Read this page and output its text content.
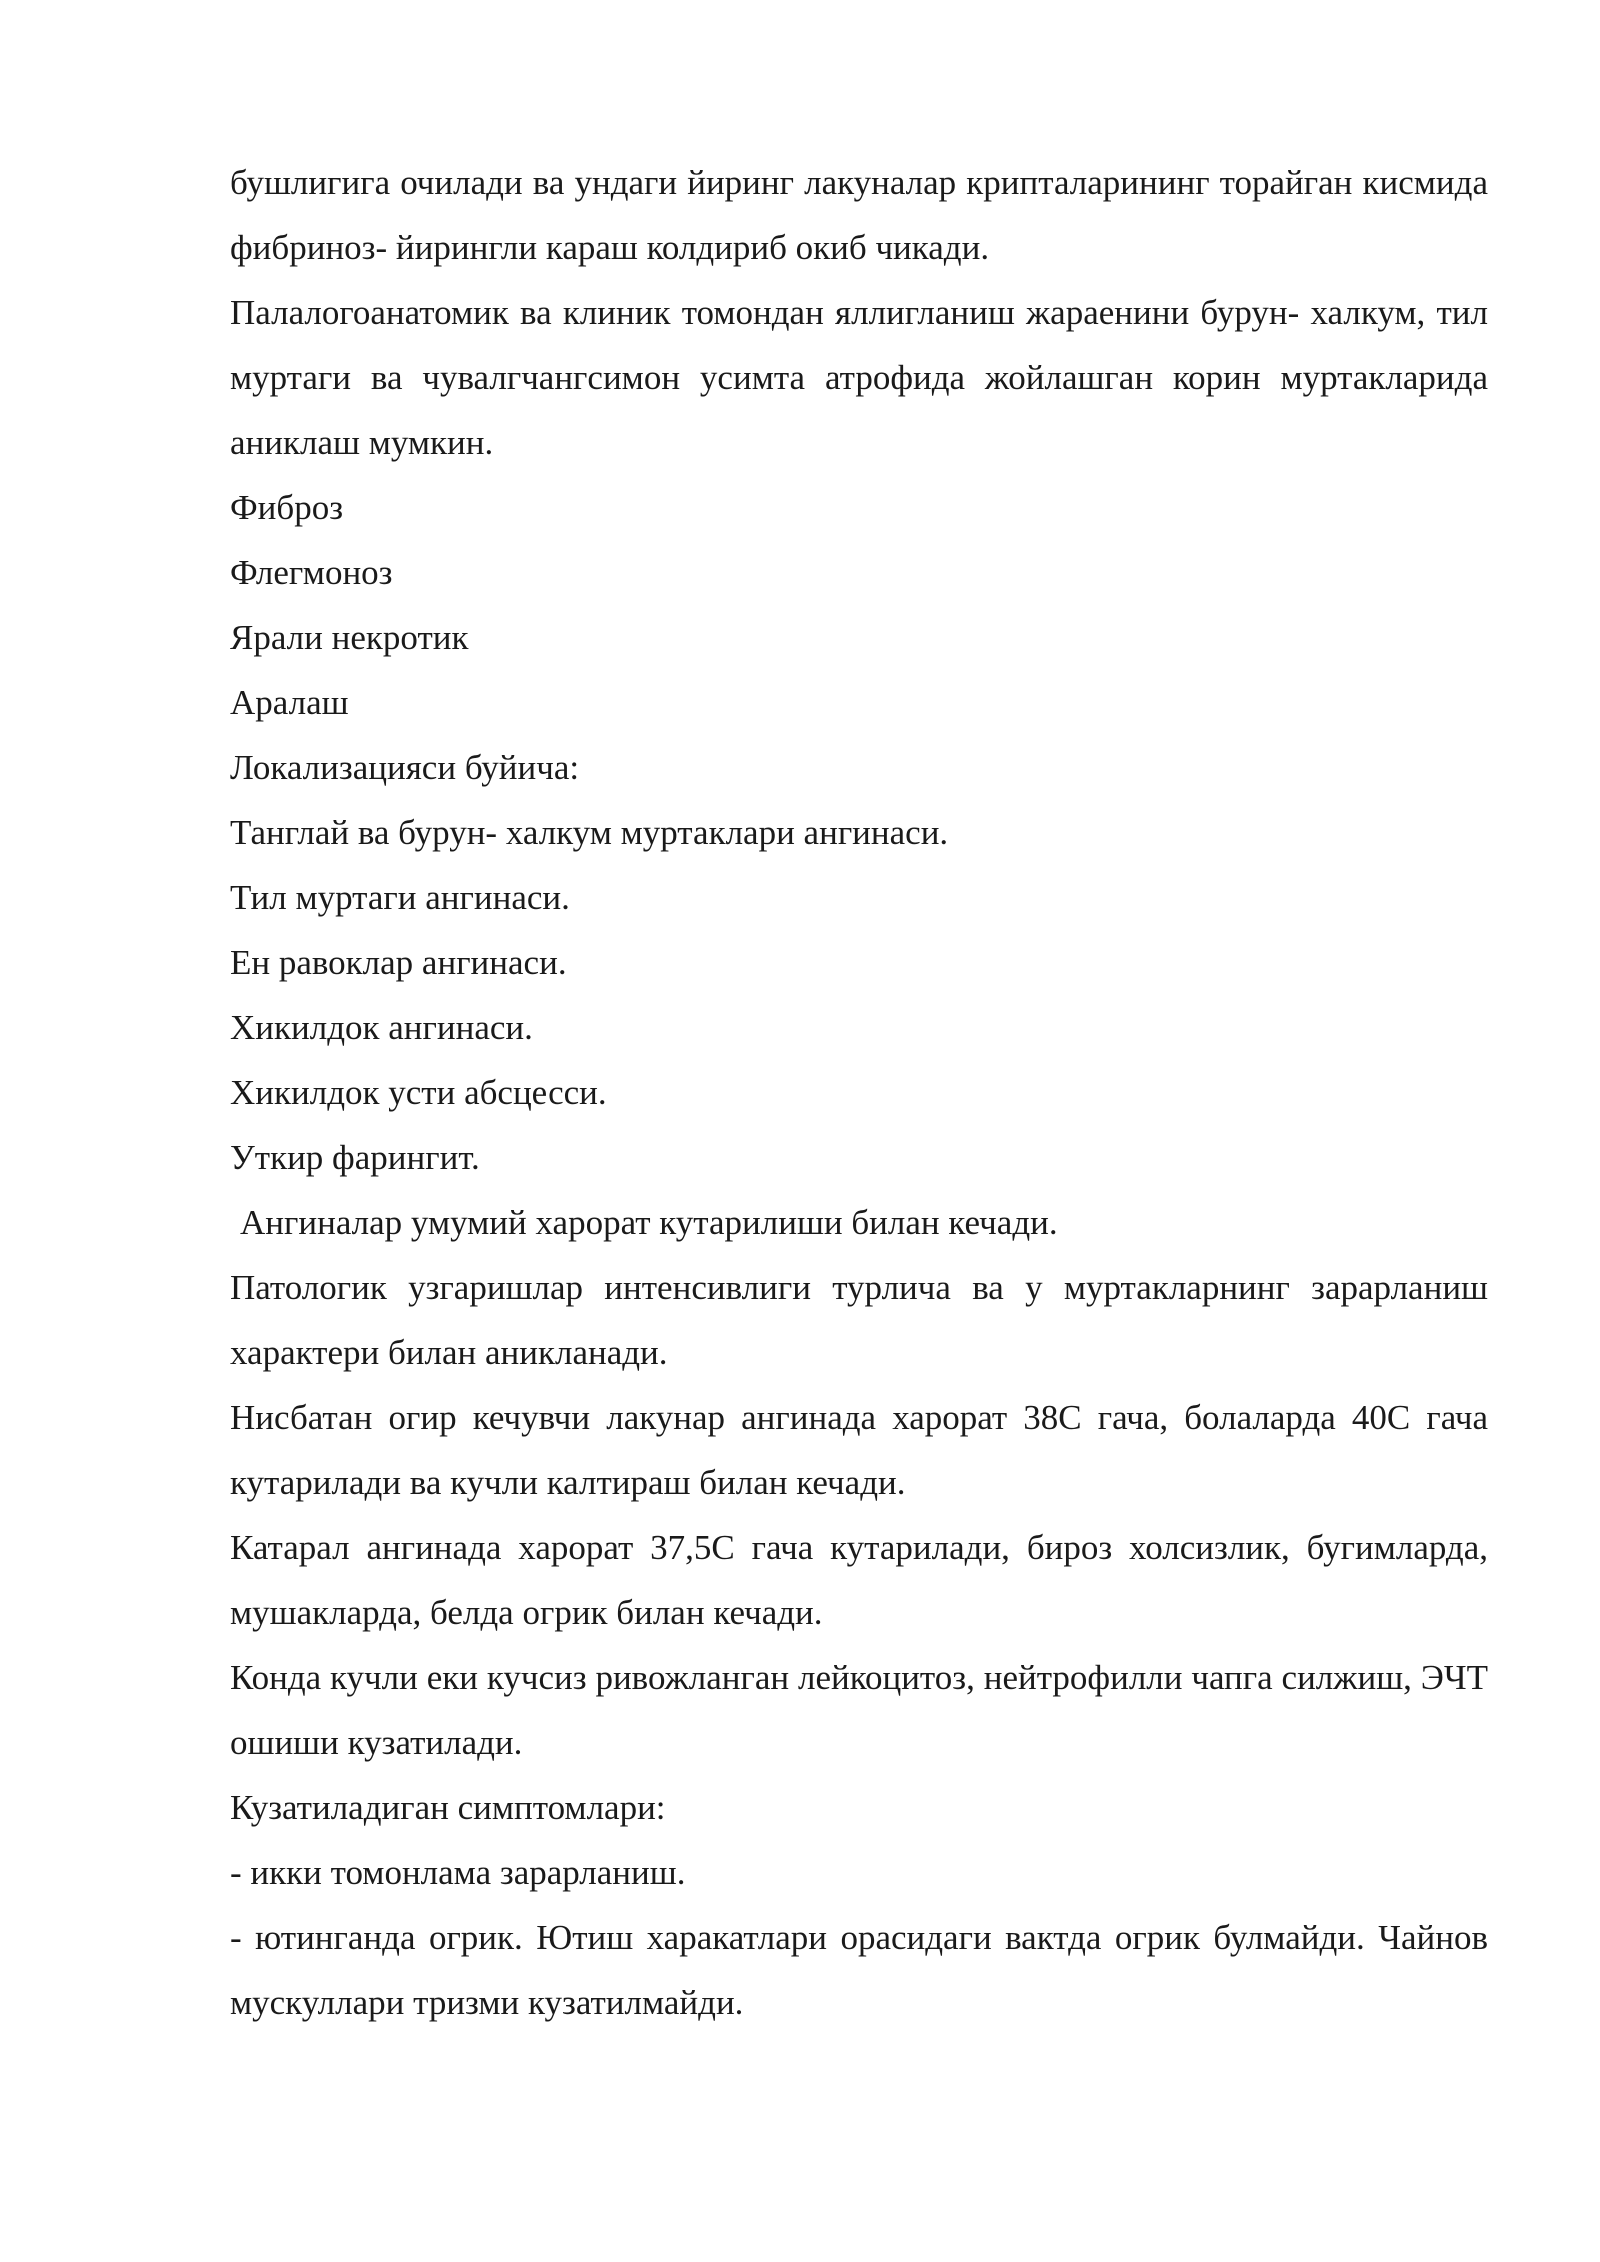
бушлигига очилади ва ундаги йиринг лакуналар крипталарининг торайган кисмида фибриноз- йирингли караш колдириб окиб чикади.

Палалогоанатомик ва клиник томондан яллигланиш жараенини бурун- халкум, тил муртаги ва чувалгчангсимон усимта атрофида жойлашган корин муртакларида аниклаш мумкин.

Фиброз

Флегмоноз

Ярали некротик

Аралаш

Локализацияси буйича:

Танглай ва бурун- халкум муртаклари ангинаси.

Тил муртаги ангинаси.

Ен равоклар ангинаси.

Хикилдок ангинаси.

Хикилдок усти абсцесси.

Уткир фарингит.

Ангиналар умумий харорат кутарилиши билан кечади.

Патологик узгаришлар интенсивлиги турлича ва у муртакларнинг зарарланиш характери билан аникланади.

Нисбатан огир кечувчи лакунар ангинада харорат 38С гача, болаларда 40С гача кутарилади ва кучли калтираш билан кечади.

Катарал ангинада харорат 37,5С гача кутарилади, бироз холсизлик, бугимларда, мушакларда, белда огрик билан кечади.

Конда кучли еки кучсиз ривожланган лейкоцитоз, нейтрофилли чапга силжиш, ЭЧТ ошиши кузатилади.

Кузатиладиган симптомлари:

- икки томонлама зарарланиш.

- ютинганда огрик. Ютиш харакатлари орасидаги вактда огрик булмайди. Чайнов мускуллари тризми кузатилмайди.
